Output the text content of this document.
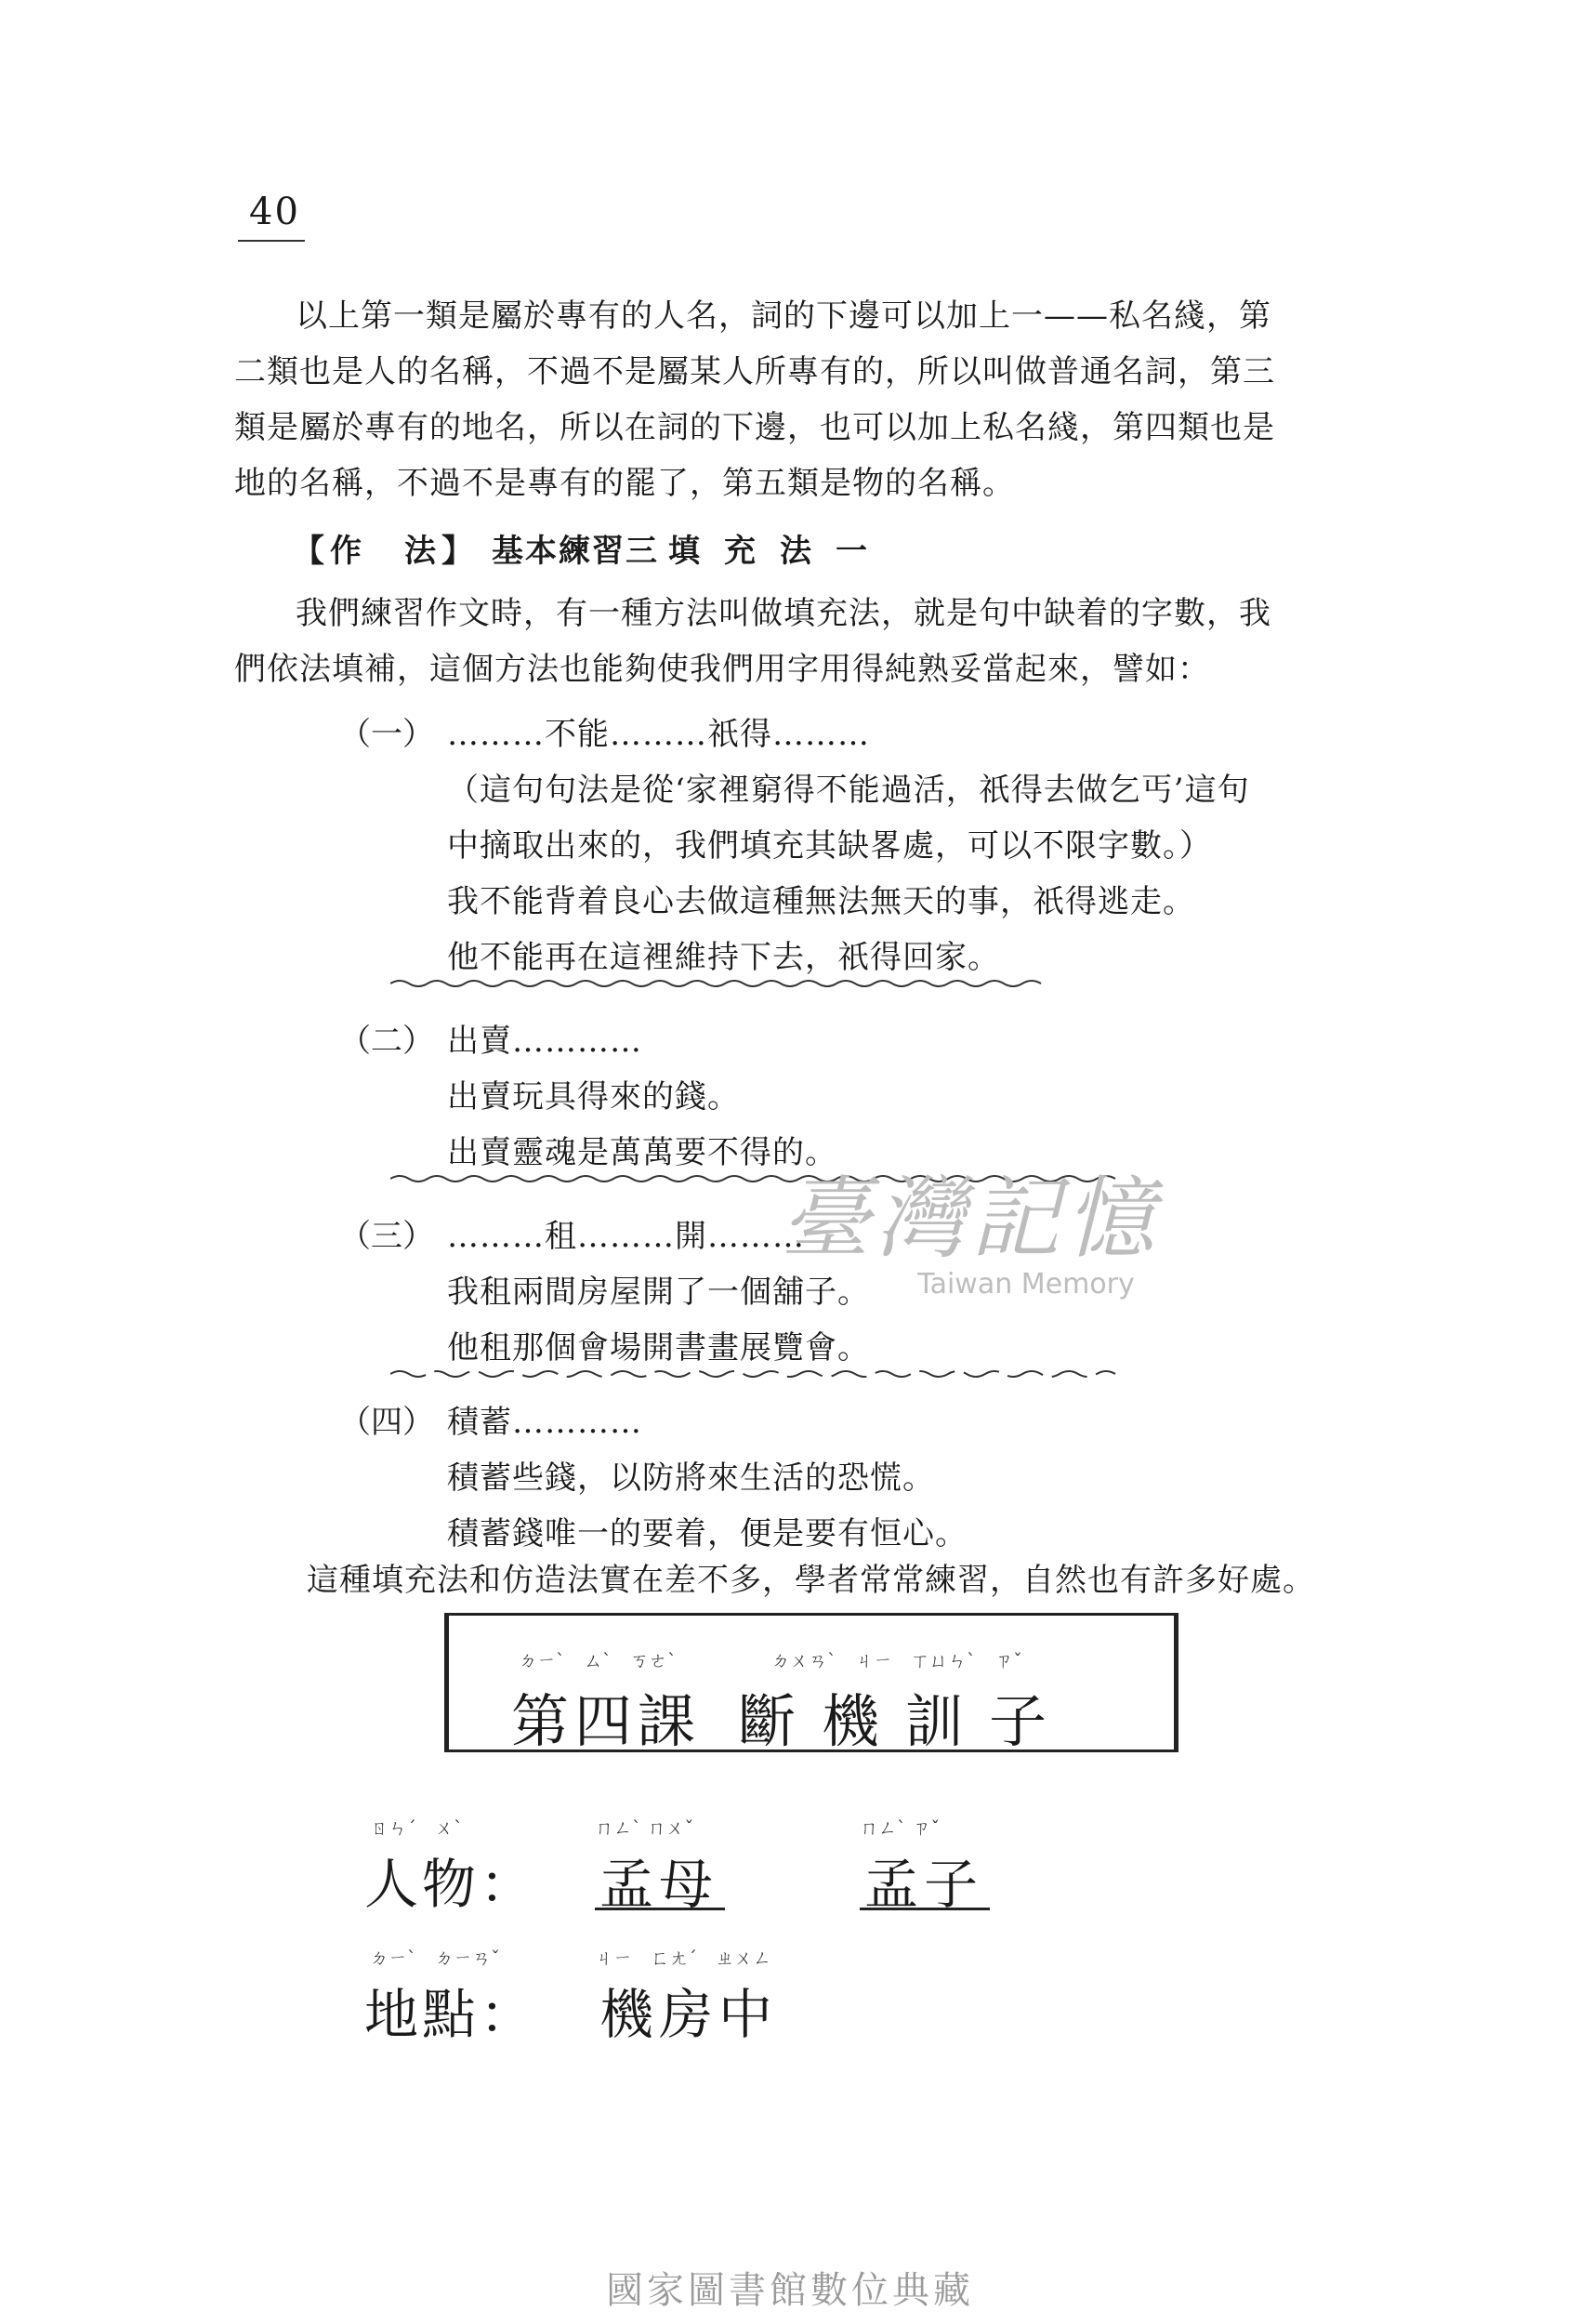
40

以上第一類是屬於專有的人名，詞的下邊可以加上一——私名綫，第

二類也是人的名稱，不過不是屬某人所專有的，所以叫做普通名詞，第三

類是屬於專有的地名，所以在詞的下邊，也可以加上私名綫，第四類也是

地的名稱，不過不是專有的罷了，第五類是物的名稱。

【作　法】 基本練習三 填充法一

我們練習作文時，有一種方法叫做填充法，就是句中缺着的字數，我

們依法填補，這個方法也能夠使我們用字用得純熟妥當起來，譬如：

（一） ………不能………祇得………
（這句句法是從‘家裡窮得不能過活，祇得去做乞丐’這句
中摘取出來的，我們填充其缺畧處，可以不限字數。）
我不能背着良心去做這種無法無天的事，祇得逃走。
他不能再在這裡維持下去，祇得回家。
（二） 出賣…………
出賣玩具得來的錢。
出賣靈魂是萬萬要不得的。
（三） ………租………開………
我租兩間房屋開了一個舖子。
他租那個會場開書畫展覽會。
（四） 積蓄…………
積蓄些錢，以防將來生活的恐慌。
積蓄錢唯一的要着，便是要有恒心。

這種填充法和仿造法實在差不多，學者常常練習，自然也有許多好處。

ㄉㄧˋ　ㄙˋ　ㄎㄜˋ	ㄉㄨㄢˋ　ㄐㄧ　ㄒㄩㄣˋ　ㄗˇ
第四課 斷機訓子
ㄖㄣˊ　ㄨˋ
人物：
ㄇㄥˋ ㄇㄨˇ
孟母
ㄇㄥˋ ㄗˇ
孟子
ㄉㄧˋ　ㄉㄧㄢˇ
地點：
ㄐㄧ　ㄈㄤˊ　ㄓㄨㄥ
機房中
臺灣記憶
Taiwan Memory
國家圖書館數位典藏
